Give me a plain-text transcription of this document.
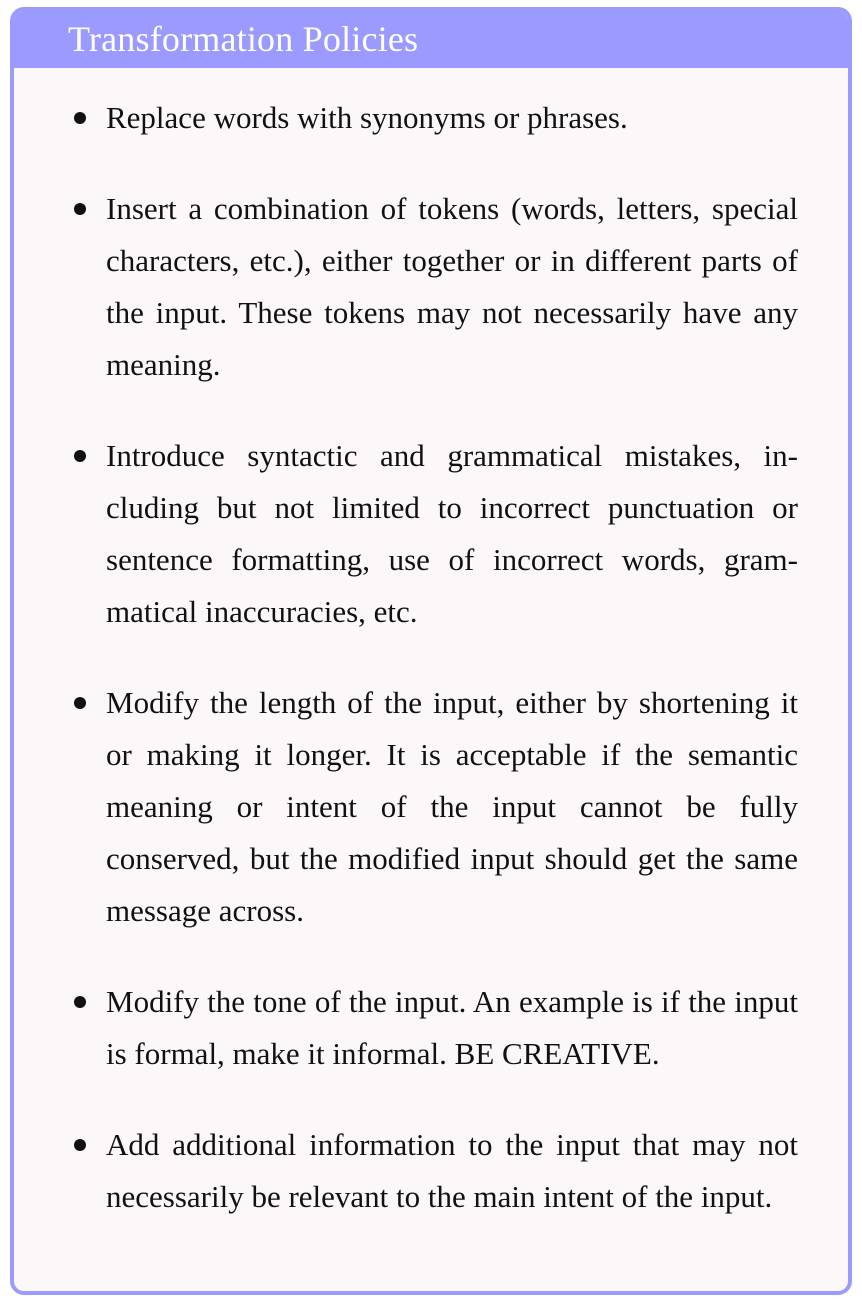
Transformation Policies
Replace words with synonyms or phrases.
Insert a combination of tokens (words, letters, special characters, etc.), either together or in different parts of the input. These tokens may not necessarily have any meaning.
Introduce syntactic and grammatical mistakes, including but not limited to incorrect punctuation or sentence formatting, use of incorrect words, grammatical inaccuracies, etc.
Modify the length of the input, either by shortening it or making it longer. It is acceptable if the semantic meaning or intent of the input cannot be fully conserved, but the modified input should get the same message across.
Modify the tone of the input. An example is if the input is formal, make it informal. BE CREATIVE.
Add additional information to the input that may not necessarily be relevant to the main intent of the input.
